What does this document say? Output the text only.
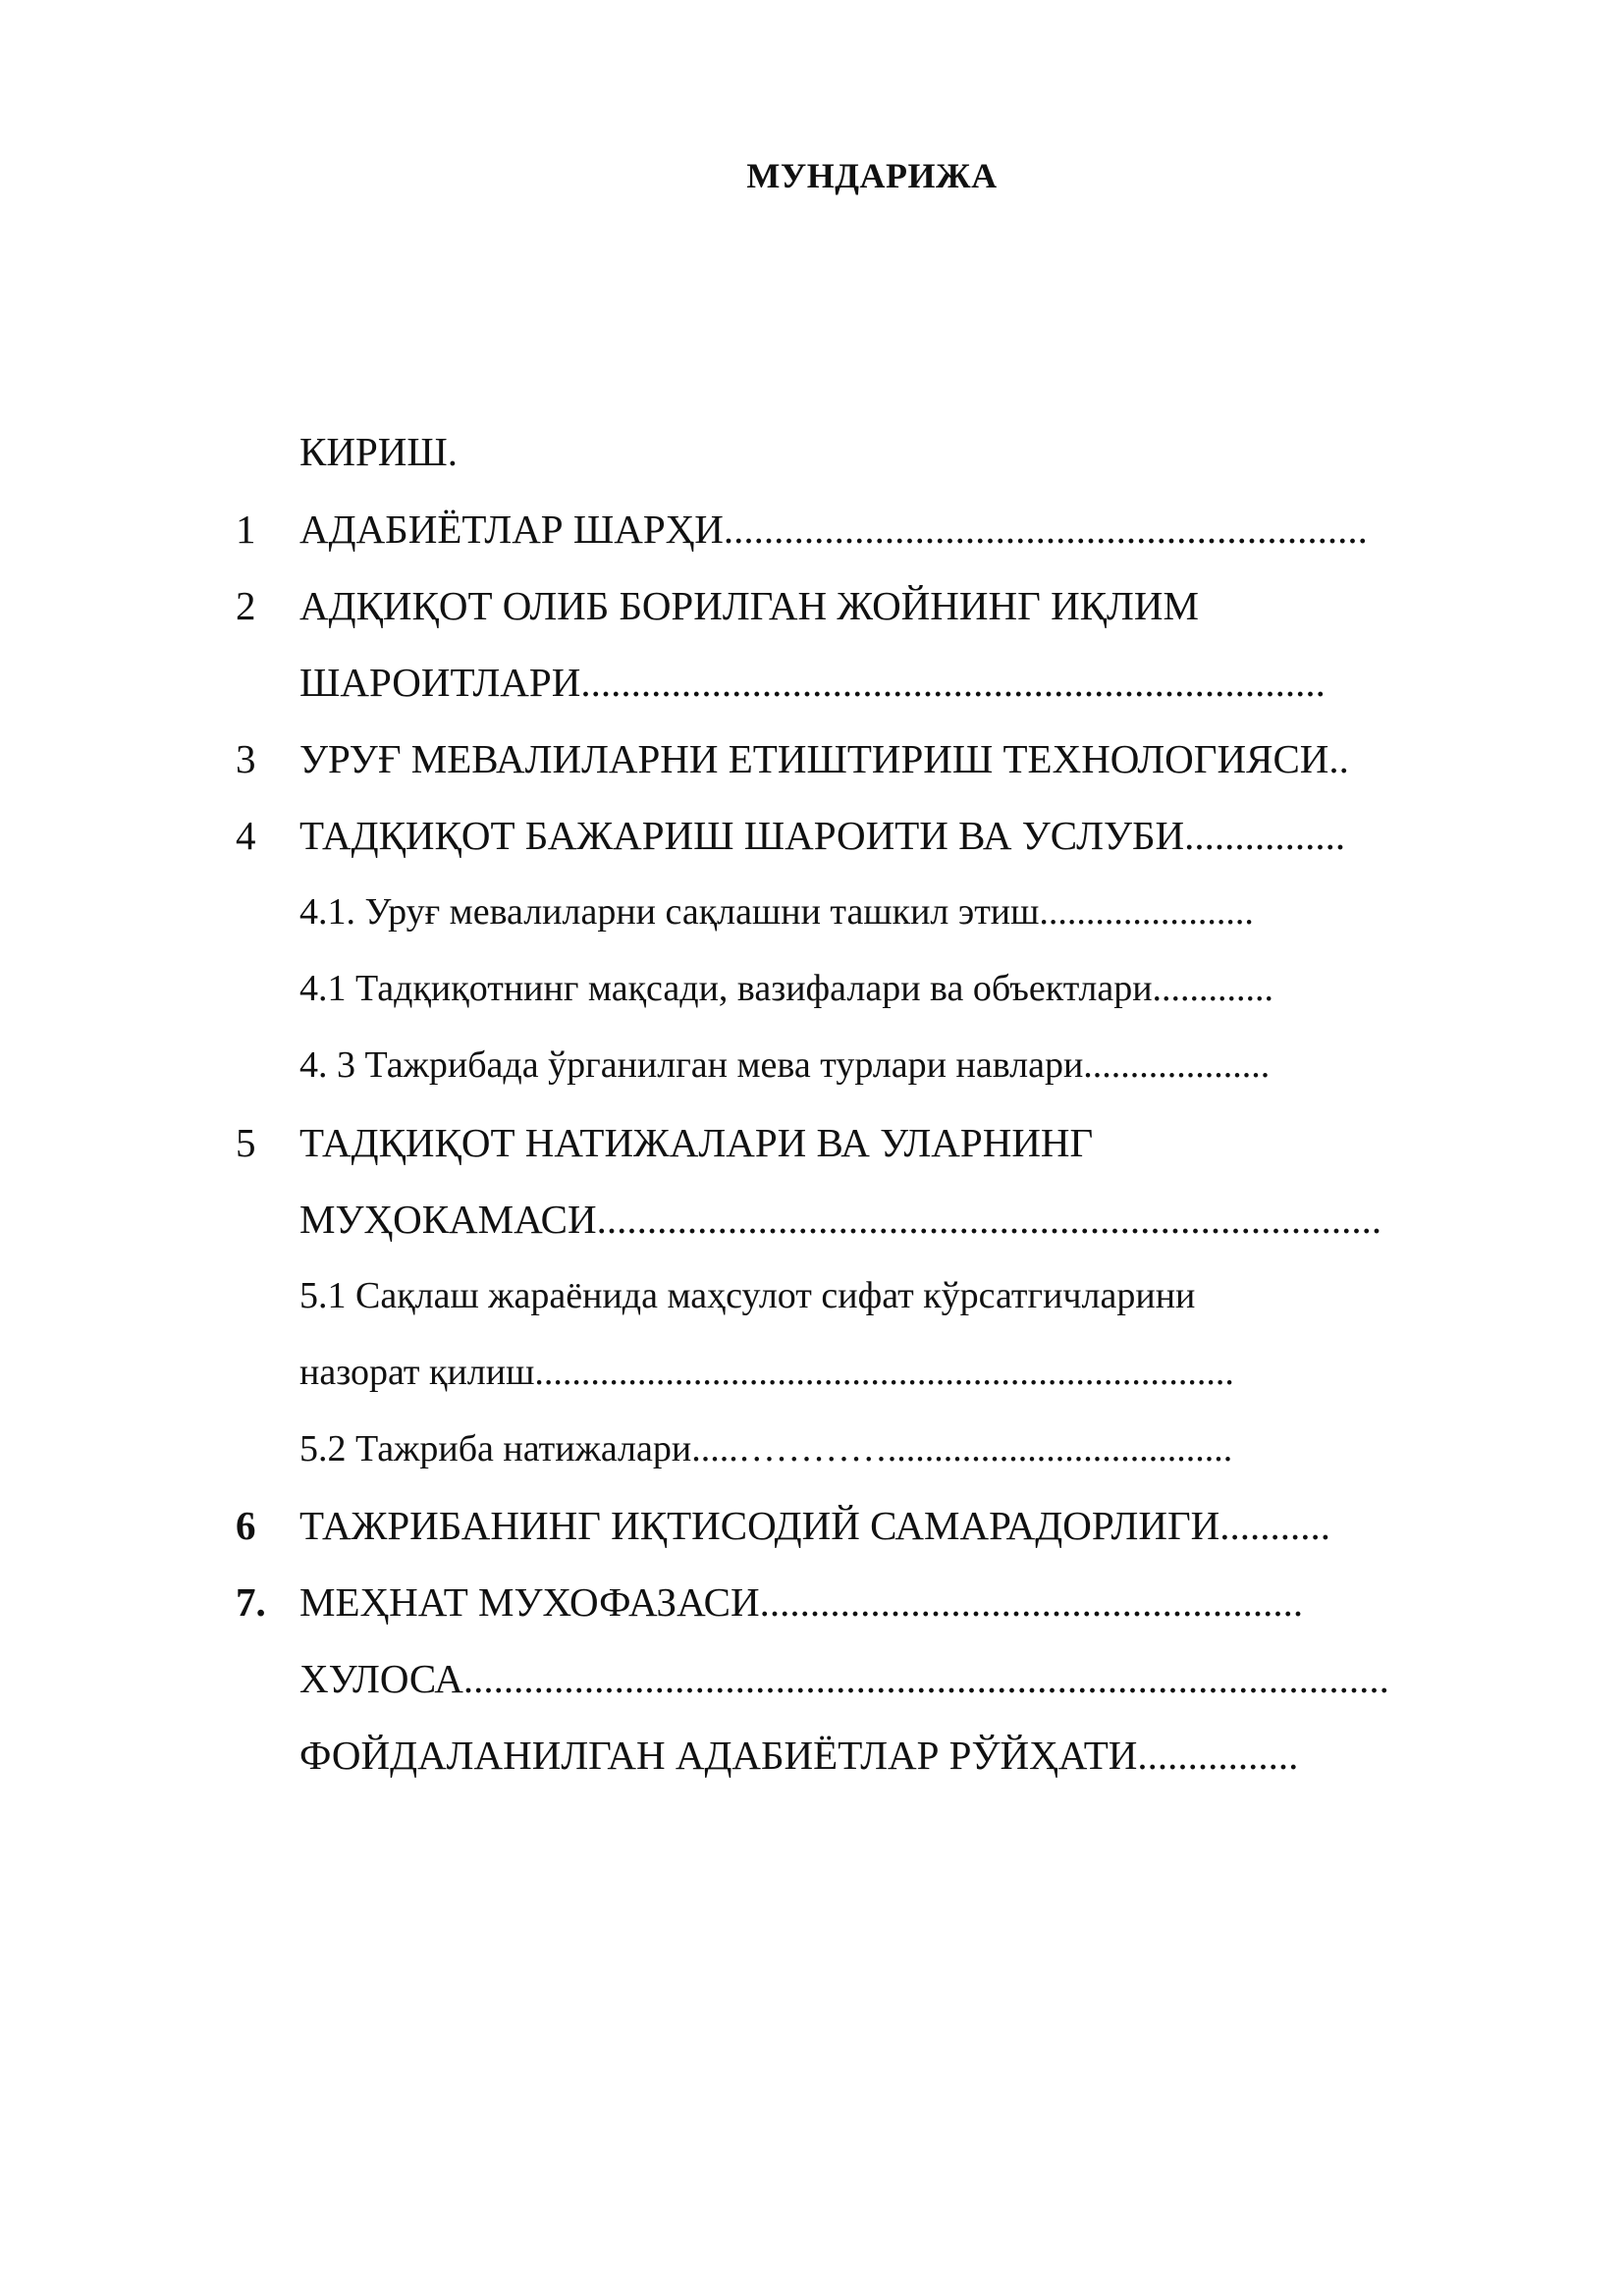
МУНДАРИЖА
КИРИШ.
1	АДАБИЁТЛАР ШАРҲИ................................................................
2	АДҚИҚОТ ОЛИБ БОРИЛГАН ЖОЙНИНГ ИҚЛИМ
ШАРОИТЛАРИ..........................................................................
3	УРУҒ МЕВАЛИЛАРНИ ЕТИШТИРИШ ТЕХНОЛОГИЯСИ..
4	ТАДҚИҚОТ БАЖАРИШ ШАРОИТИ ВА УСЛУБИ................
4.1. Уруғ мевалиларни сақлашни ташкил этиш.......................
4.1 Тадқиқотнинг мақсади, вазифалари ва объектлари.............
4. 3 Тажрибада ўрганилган мева турлари навлари....................
5	ТАДҚИҚОТ НАТИЖАЛАРИ ВА УЛАРНИНГ
МУҲОКАМАСИ..............................................................................
5.1 Сақлаш жараёнида маҳсулот сифат кўрсатгичларини
назорат қилиш...........................................................................
5.2 Тажриба натижалари.....………….....................................
6	ТАЖРИБАНИНГ ИҚТИСОДИЙ САМАРАДОРЛИГИ...........
7. МЕҲНАТ МУХОФАЗАСИ......................................................
ХУЛОСА............................................................................................
ФОЙДАЛАНИЛГАН АДАБИЁТЛАР РЎЙҲАТИ................
